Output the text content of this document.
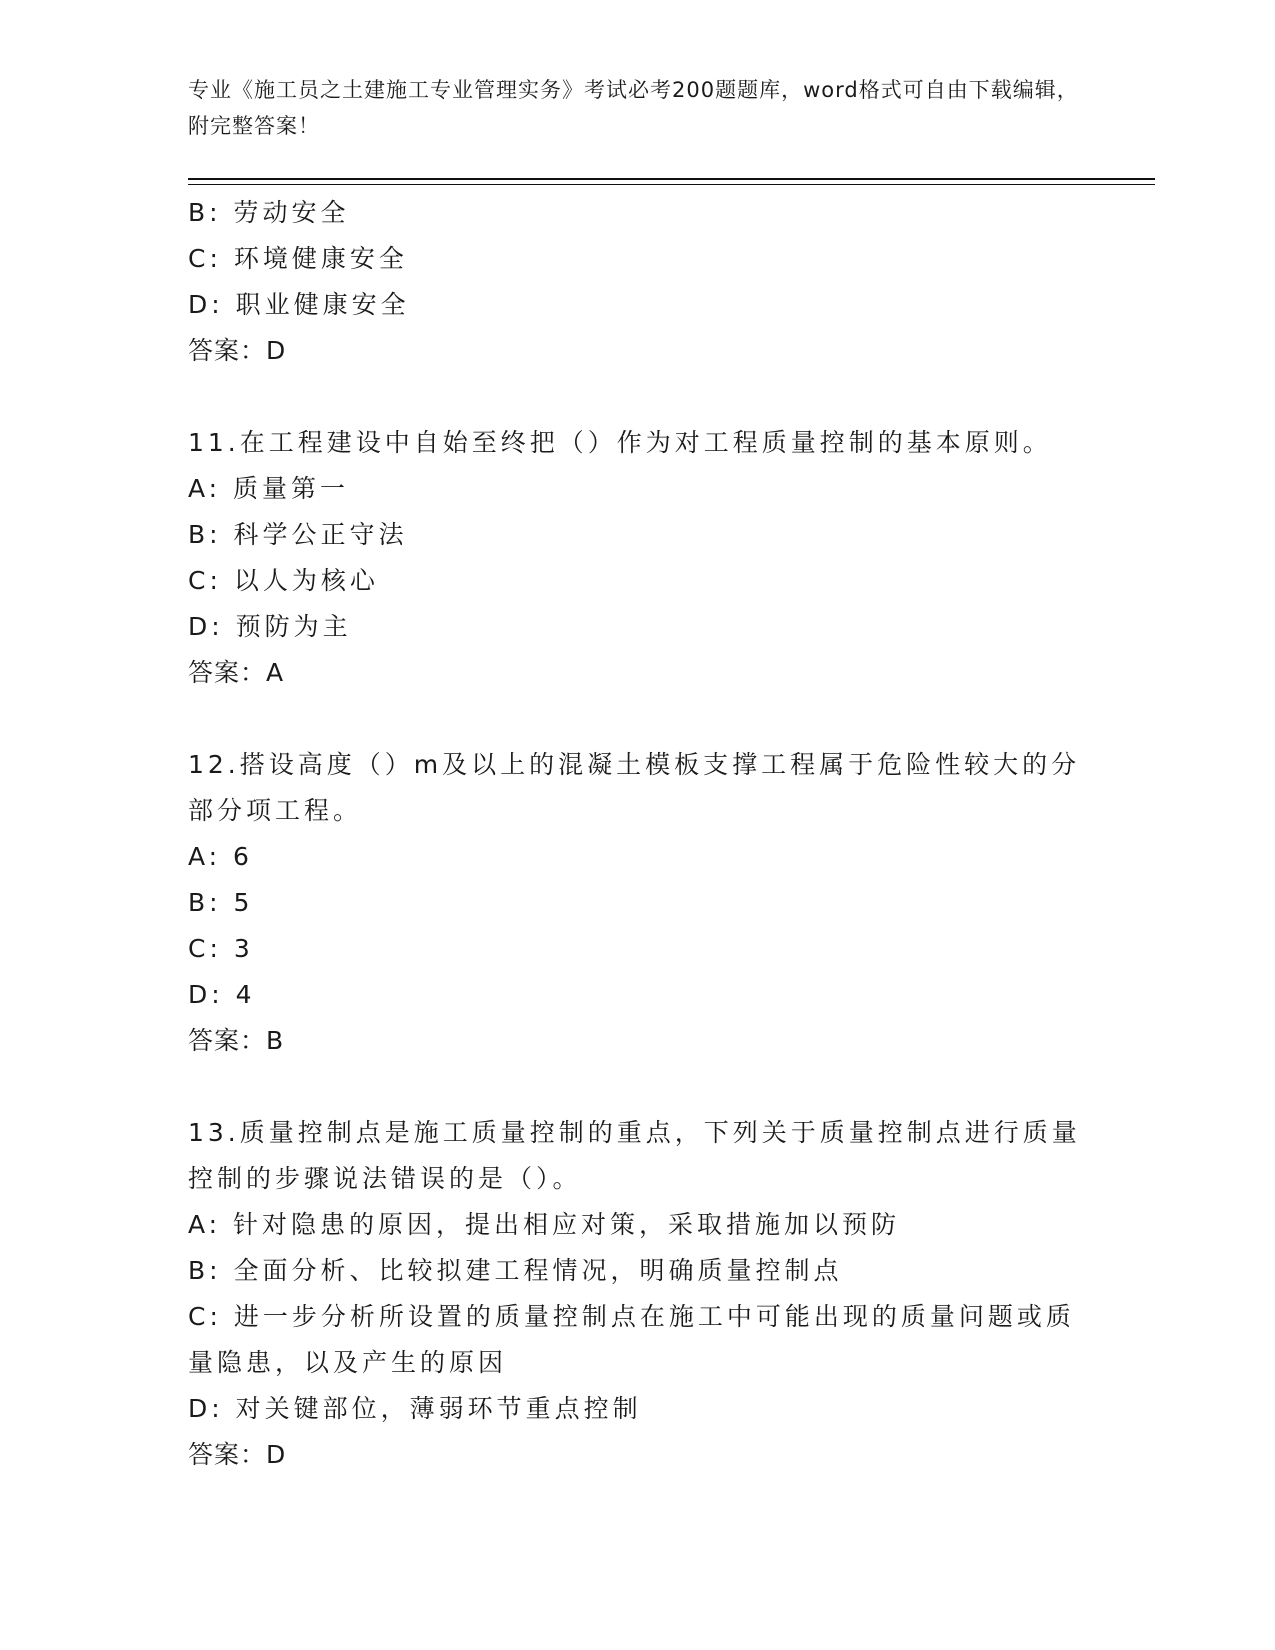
专业《施工员之土建施工专业管理实务》考试必考200题题库，word格式可自由下载编辑，附完整答案！
B: 劳动安全
C: 环境健康安全
D: 职业健康安全
答案：D
11.在工程建设中自始至终把（）作为对工程质量控制的基本原则。
A: 质量第一
B: 科学公正守法
C: 以人为核心
D: 预防为主
答案：A
12.搭设高度（）m及以上的混凝土模板支撑工程属于危险性较大的分部分项工程。
A: 6
B: 5
C: 3
D: 4
答案：B
13.质量控制点是施工质量控制的重点，下列关于质量控制点进行质量控制的步骤说法错误的是（）。
A: 针对隐患的原因，提出相应对策，采取措施加以预防
B: 全面分析、比较拟建工程情况，明确质量控制点
C: 进一步分析所设置的质量控制点在施工中可能出现的质量问题或质量隐患，以及产生的原因
D: 对关键部位，薄弱环节重点控制
答案：D
